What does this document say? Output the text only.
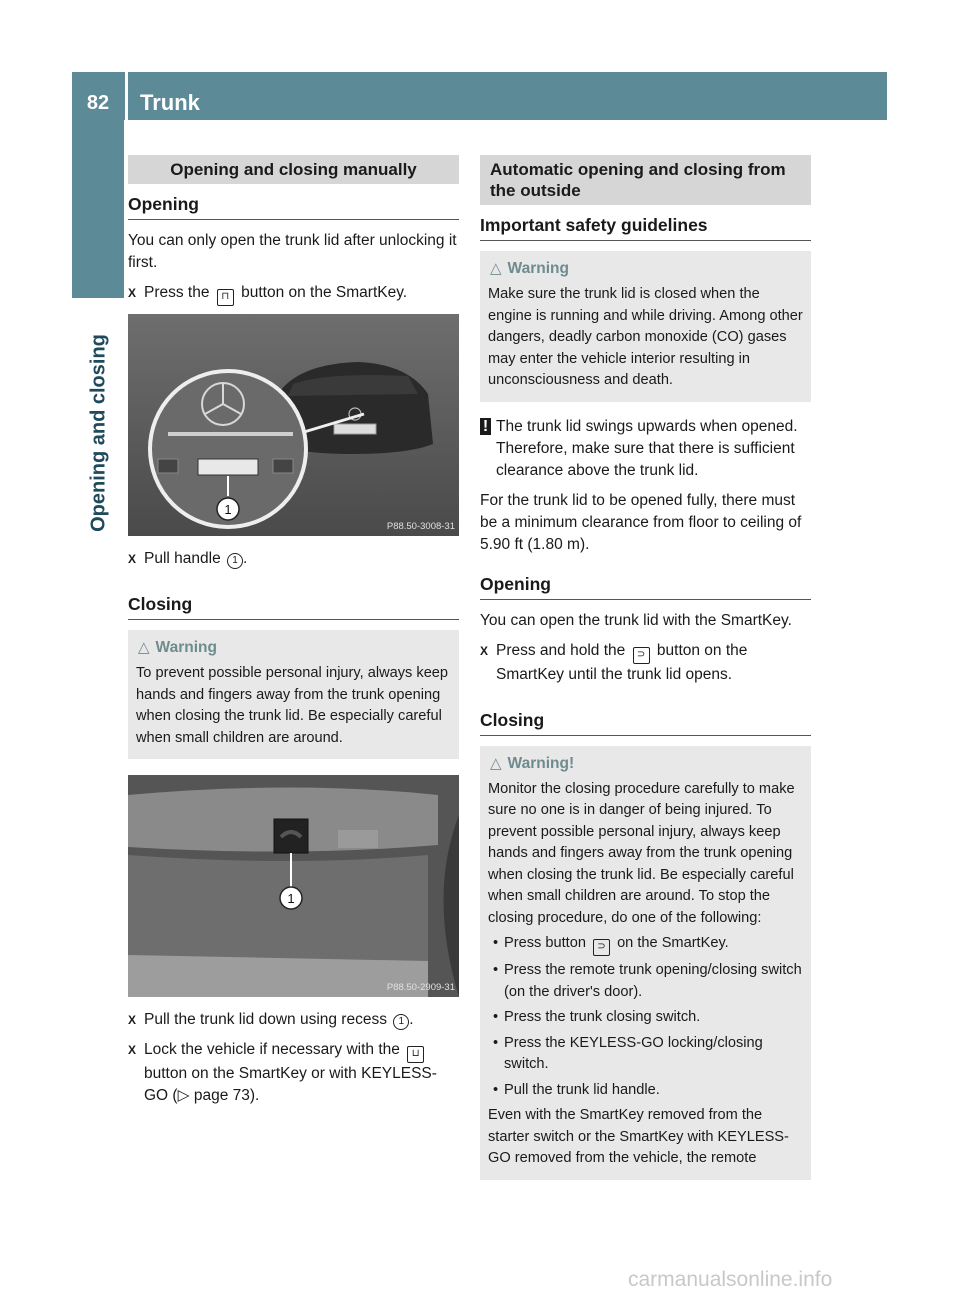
82	Trunk
Opening and closing
Opening and closing manually
Opening

You can only open the trunk lid after unlocking it first.

X Press the ⊓ button on the SmartKey.
1
P88.50-3008-31
X Pull handle 1 .
Closing
△ Warning

To prevent possible personal injury, always keep hands and fingers away from the trunk opening when closing the trunk lid. Be especially careful when small children are around.

1
P88.50-2909-31
X Pull the trunk lid down using recess 1 .
X Lock the vehicle if necessary with the ⊔ button on the SmartKey or with KEYLESS-GO (▷ page 73).
Automatic opening and closing from the outside
Important safety guidelines
△ Warning

Make sure the trunk lid is closed when the engine is running and while driving. Among other dangers, deadly carbon monoxide (CO) gases may enter the vehicle interior resulting in unconsciousness and death.

! The trunk lid swings upwards when opened. Therefore, make sure that there is sufficient clearance above the trunk lid.

For the trunk lid to be opened fully, there must be a minimum clearance from floor to ceiling of 5.90 ft (1.80 m).

Opening

You can open the trunk lid with the SmartKey.

X Press and hold the ⊃ button on the SmartKey until the trunk lid opens.
Closing
△ Warning!

Monitor the closing procedure carefully to make sure no one is in danger of being injured. To prevent possible personal injury, always keep hands and fingers away from the trunk opening when closing the trunk lid. Be especially careful when small children are around. To stop the closing procedure, do one of the following:

• Press button ⊃ on the SmartKey.
• Press the remote trunk opening/closing switch (on the driver's door).
• Press the trunk closing switch.
• Press the KEYLESS-GO locking/closing switch.
• Pull the trunk lid handle.

Even with the SmartKey removed from the starter switch or the SmartKey with KEYLESS-GO removed from the vehicle, the remote

carmanualsonline.info
